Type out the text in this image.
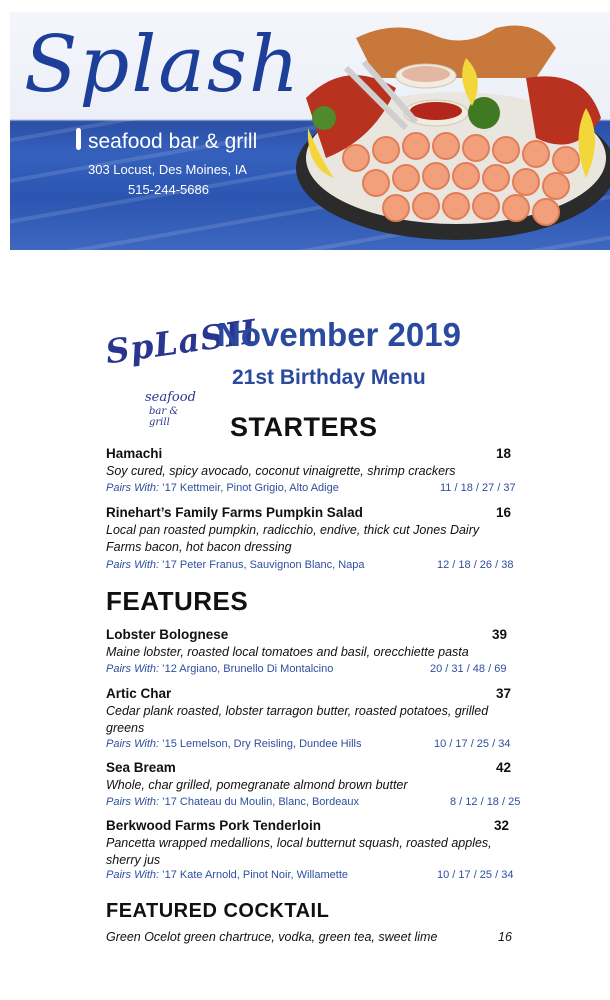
Splash
seafood bar & grill
303 Locust, Des Moines, IA
515-244-5686
SpLaSH
seafood
bar & grill
November 2019
21st Birthday Menu
STARTERS
Hamachi	18
Soy cured, spicy avocado, coconut vinaigrette, shrimp crackers
Pairs With: ’17 Kettmeir, Pinot Grigio, Alto Adige	11 / 18 / 27 / 37
Rinehart’s Family Farms Pumpkin Salad	16
Local pan roasted pumpkin, radicchio, endive, thick cut Jones Dairy Farms bacon, hot bacon dressing
Pairs With: ’17 Peter Franus, Sauvignon Blanc, Napa	12 / 18 / 26 / 38
FEATURES
Lobster Bolognese	39
Maine lobster, roasted local tomatoes and basil, orecchiette pasta
Pairs With: ’12 Argiano, Brunello Di Montalcino	20 / 31 / 48 / 69
Artic Char	37
Cedar plank roasted, lobster tarragon butter, roasted potatoes, grilled greens
Pairs With: ’15 Lemelson, Dry Reisling, Dundee Hills	10 / 17 / 25 / 34
Sea Bream	42
Whole, char grilled, pomegranate almond brown butter
Pairs With: ’17 Chateau du Moulin, Blanc, Bordeaux	8 / 12 / 18 / 25
Berkwood Farms Pork Tenderloin	32
Pancetta wrapped medallions, local butternut squash, roasted apples, sherry jus
Pairs With: ’17 Kate Arnold, Pinot Noir, Willamette	10 / 17 / 25 / 34
FEATURED COCKTAIL
Green Ocelot green chartruce, vodka, green tea, sweet lime	16
